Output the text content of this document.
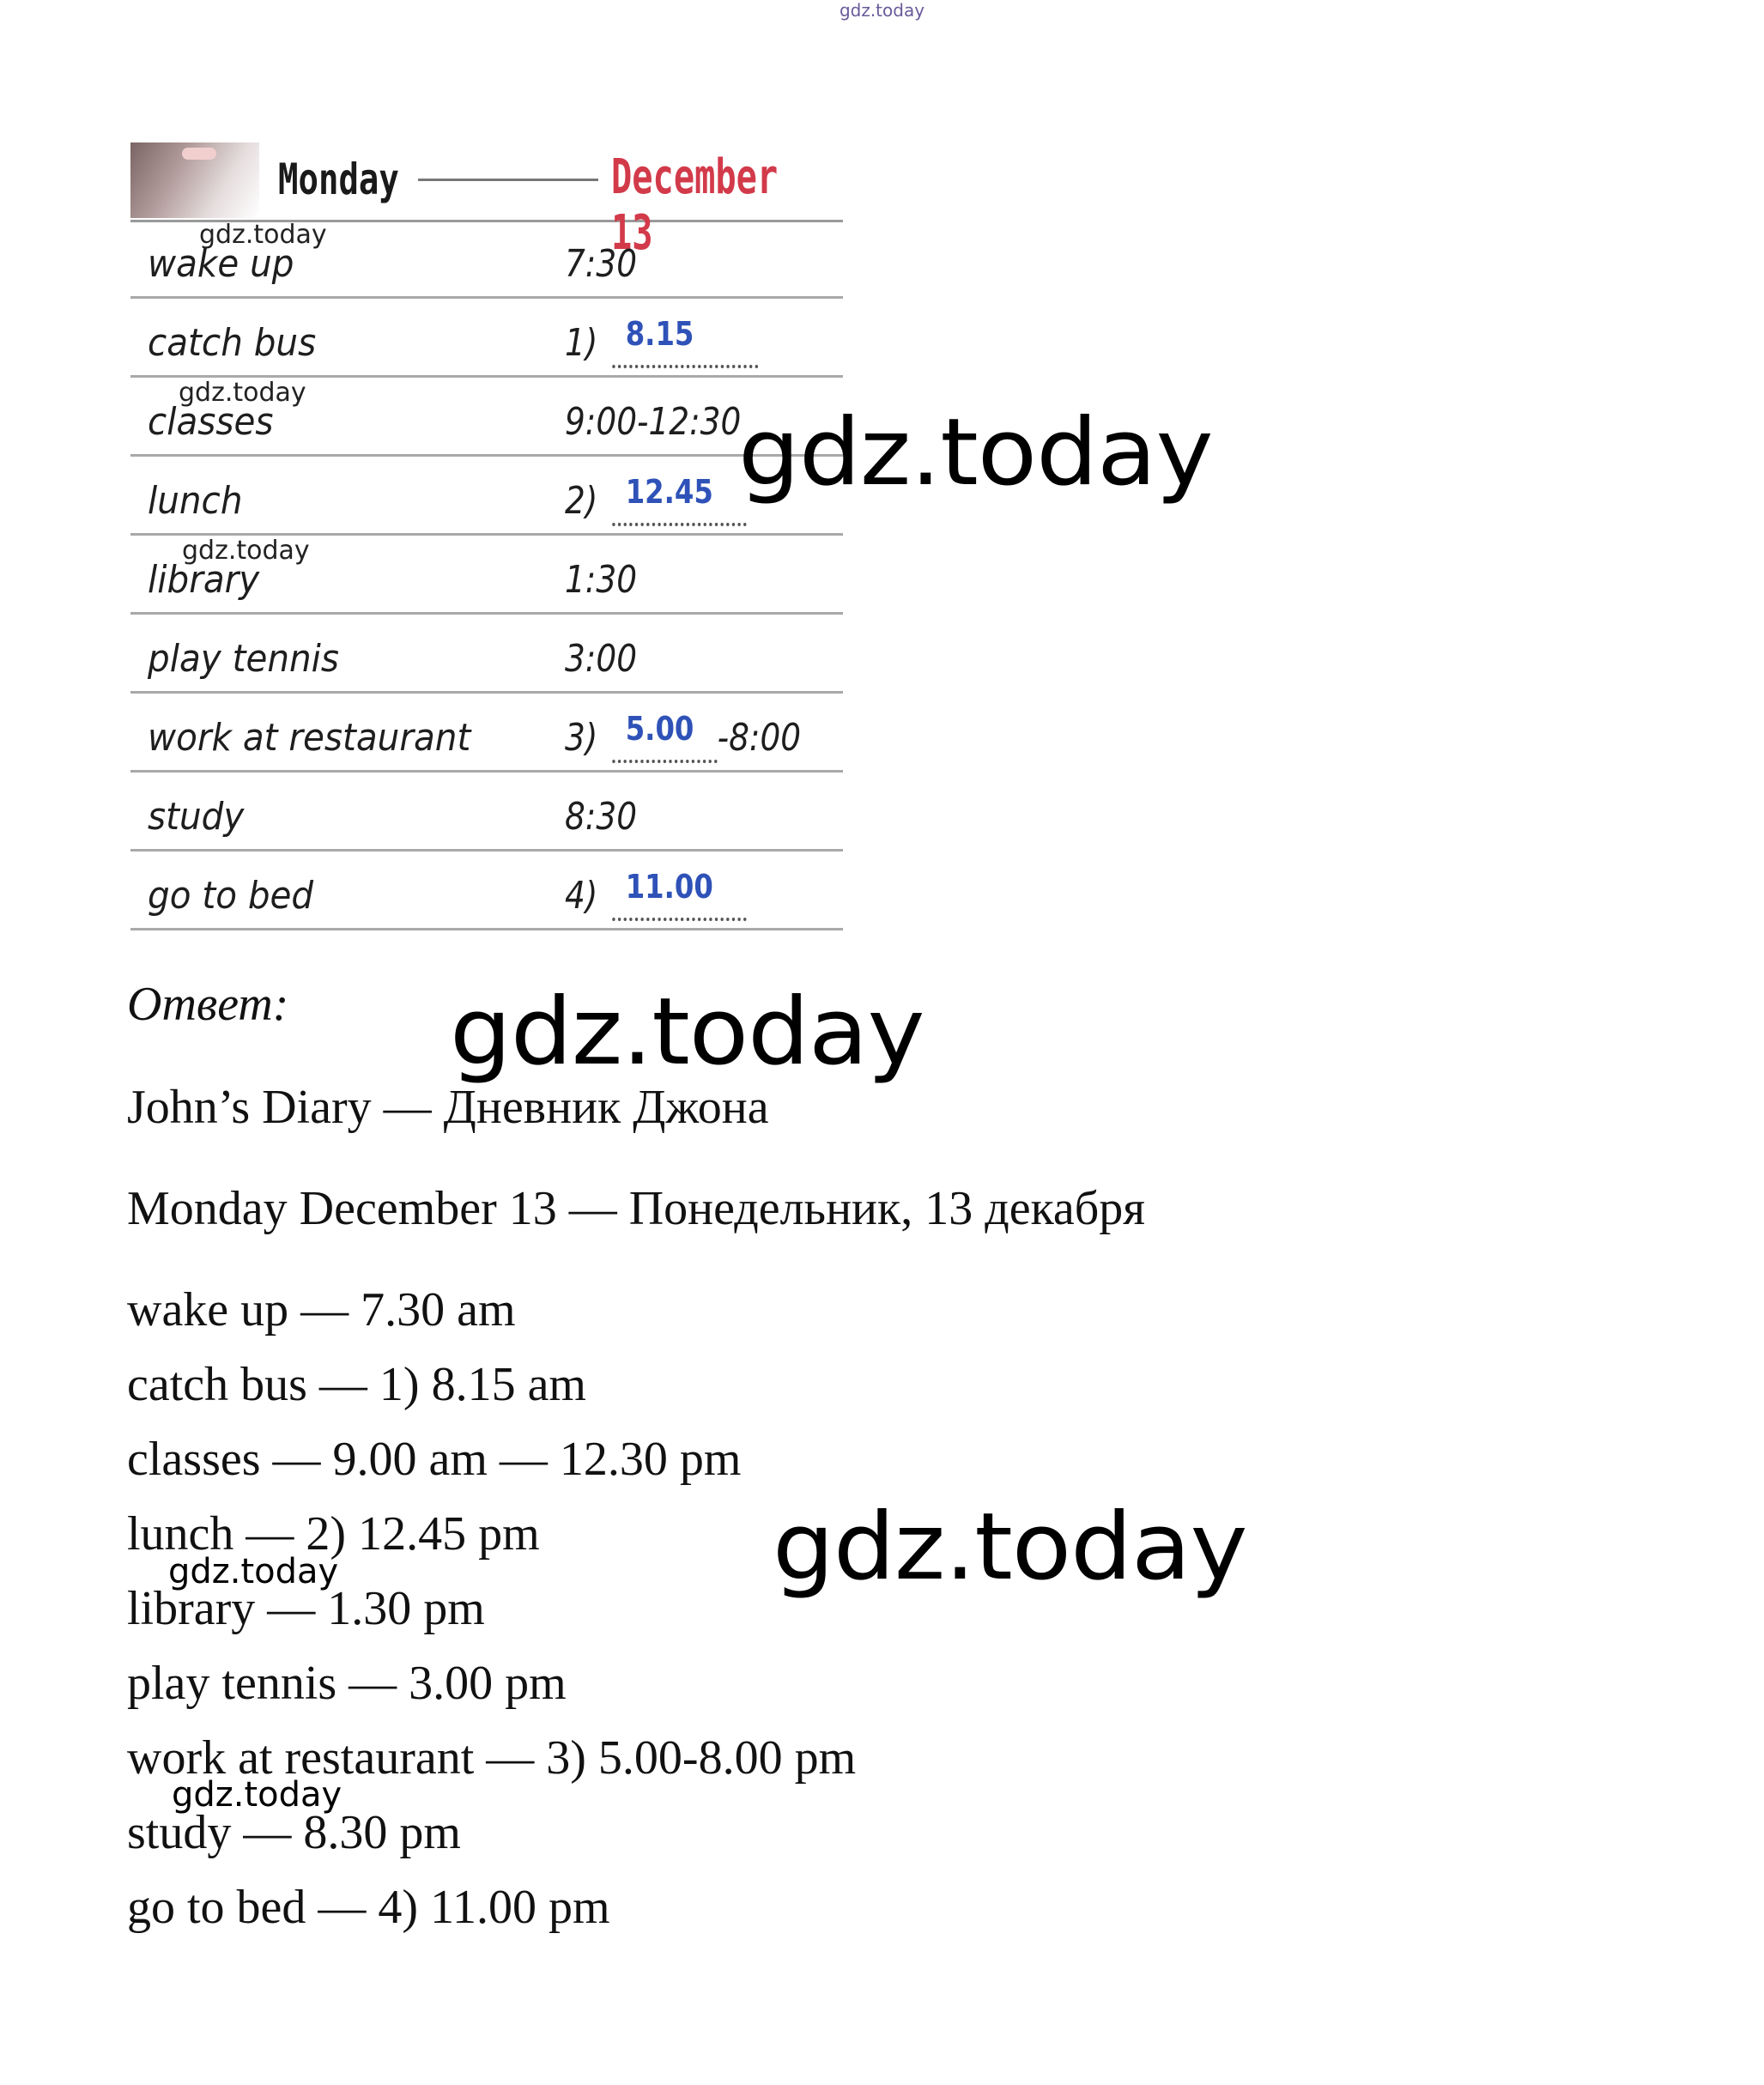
gdz.today
Monday	December 13
gdz.today
wake up	7:30
catch bus	1) 8.15
gdz.today
classes	9:00-12:30
lunch	2) 12.45
gdz.today
library	1:30
play tennis	3:00
work at restaurant 3) 5.00 -8:00
study	8:30
go to bed	4) 11.00
gdz.today
gdz.today
gdz.today
Ответ:
John’s Diary — Дневник Джона
Monday December 13 — Понедельник, 13 декабря
wake up — 7.30 am
catch bus — 1) 8.15 am
classes — 9.00 am — 12.30 pm
lunch — 2) 12.45 pm
gdz.today
library — 1.30 pm
play tennis — 3.00 pm
work at restaurant — 3) 5.00-8.00 pm
gdz.today
study — 8.30 pm
go to bed — 4) 11.00 pm
